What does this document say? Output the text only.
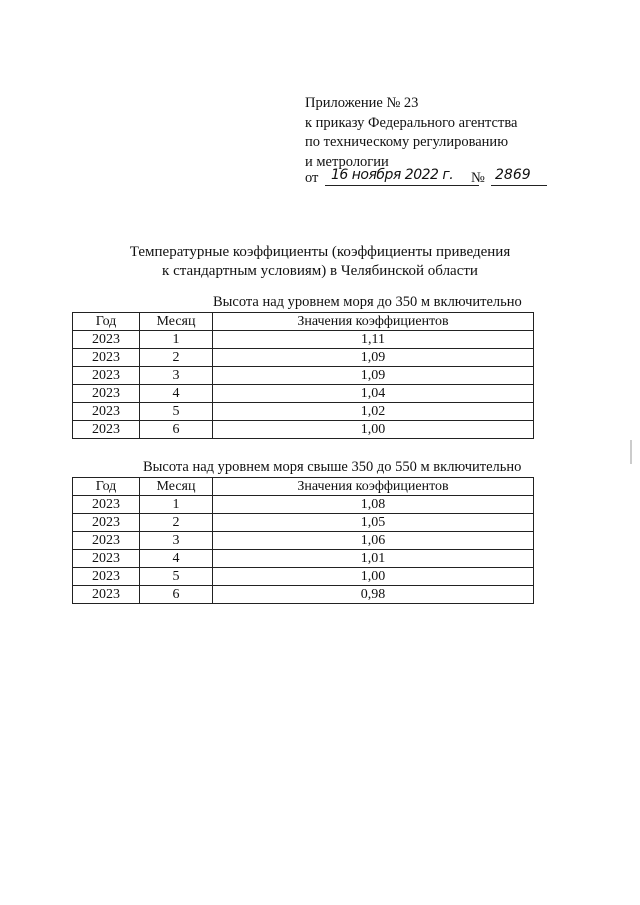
Приложение № 23
к приказу Федерального агентства
по техническому регулированию
и метрологии
от 16 ноября 2022 г.	№ 2869
Температурные коэффициенты (коэффициенты приведения
к стандартным условиям) в Челябинской области
Высота над уровнем моря до 350 м включительно
Год	Месяц	Значения коэффициентов
2023	1	1,11
2023	2	1,09
2023	3	1,09
2023	4	1,04
2023	5	1,02
2023	6	1,00
Высота над уровнем моря свыше 350 до 550 м включительно
Год	Месяц	Значения коэффициентов
2023	1	1,08
2023	2	1,05
2023	3	1,06
2023	4	1,01
2023	5	1,00
2023	6	0,98
